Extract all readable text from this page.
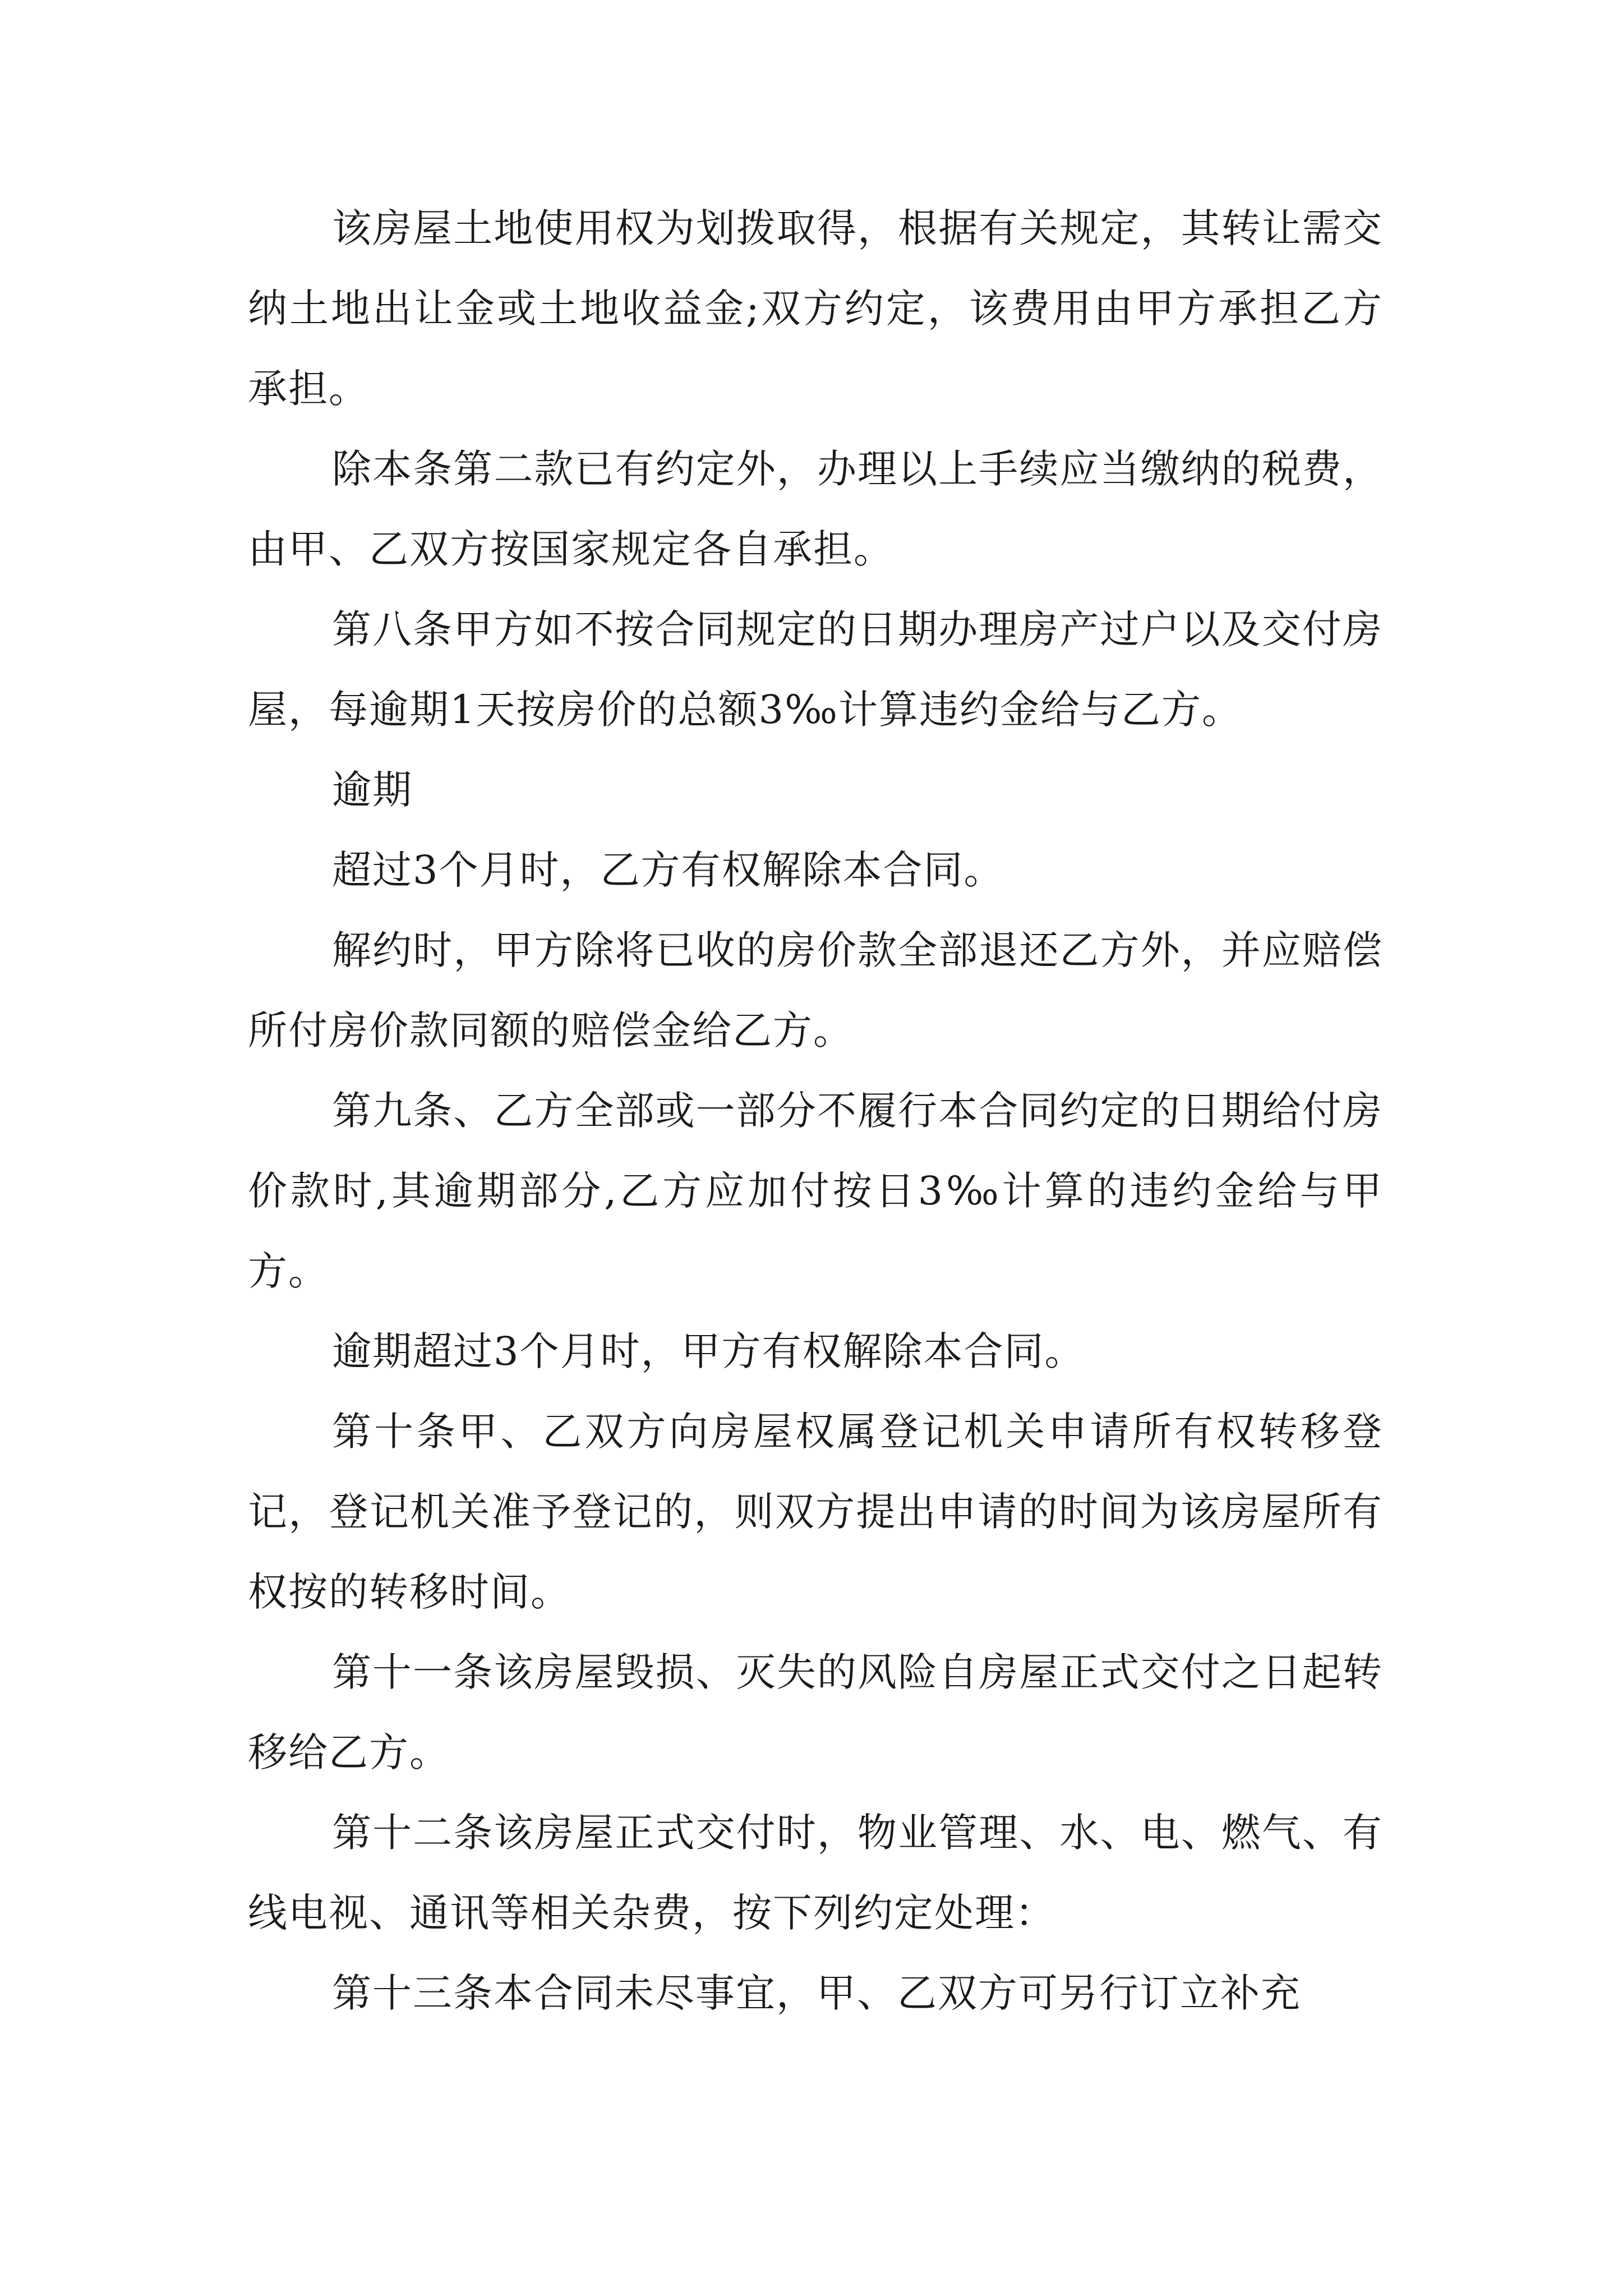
该房屋土地使用权为划拨取得，根据有关规定，其转让需交纳土地出让金或土地收益金;双方约定，该费用由甲方承担乙方承担。

除本条第二款已有约定外，办理以上手续应当缴纳的税费，由甲、乙双方按国家规定各自承担。

第八条甲方如不按合同规定的日期办理房产过户以及交付房屋，每逾期1天按房价的总额3‰计算违约金给与乙方。

逾期

超过3个月时，乙方有权解除本合同。

解约时，甲方除将已收的房价款全部退还乙方外，并应赔偿所付房价款同额的赔偿金给乙方。

第九条、乙方全部或一部分不履行本合同约定的日期给付房价款时,其逾期部分,乙方应加付按日3‰计算的违约金给与甲方。

逾期超过3个月时，甲方有权解除本合同。

第十条甲、乙双方向房屋权属登记机关申请所有权转移登记，登记机关准予登记的，则双方提出申请的时间为该房屋所有权按的转移时间。

第十一条该房屋毁损、灭失的风险自房屋正式交付之日起转移给乙方。

第十二条该房屋正式交付时，物业管理、水、电、燃气、有线电视、通讯等相关杂费，按下列约定处理：

第十三条本合同未尽事宜，甲、乙双方可另行订立补充
